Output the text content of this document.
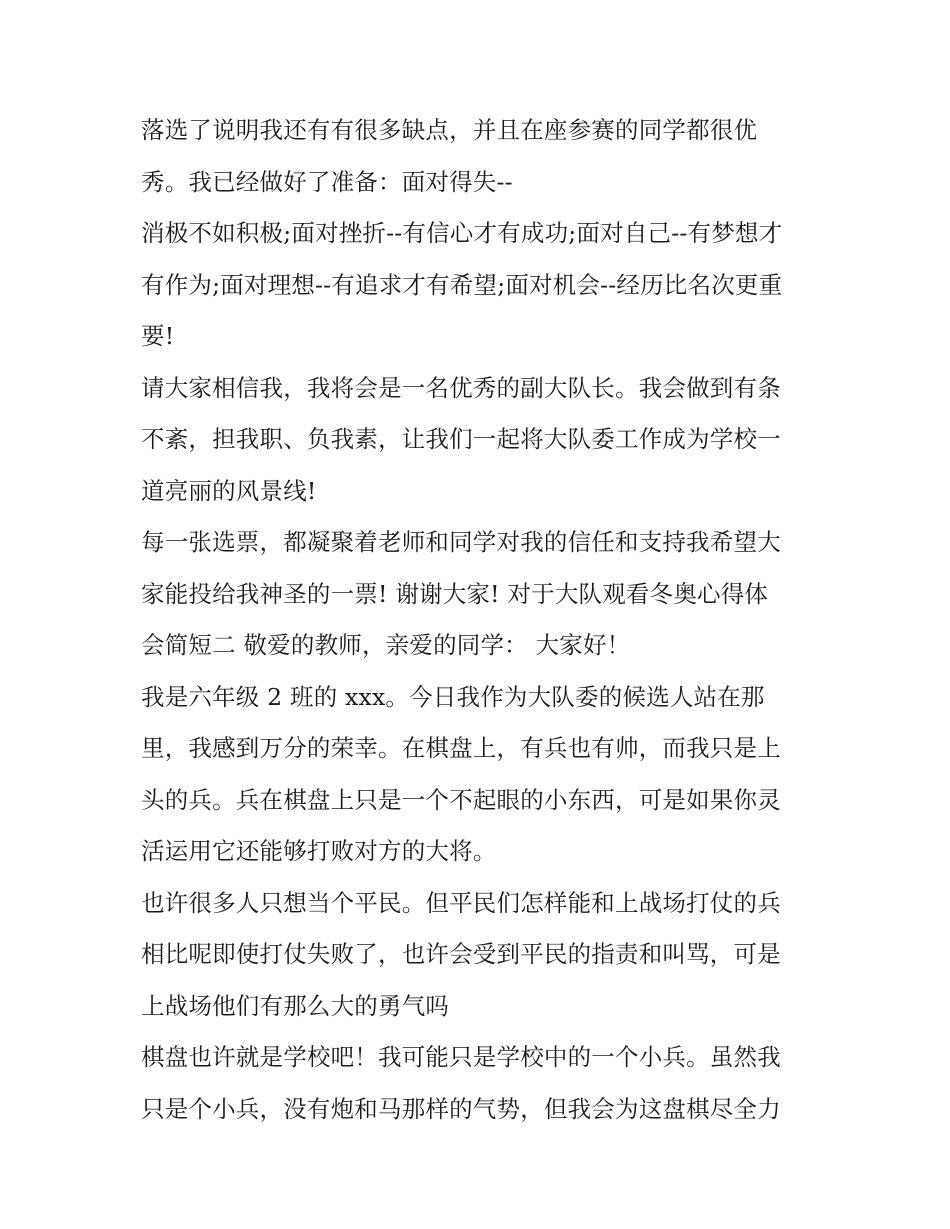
落选了说明我还有有很多缺点，并且在座参赛的同学都很优
秀。我已经做好了准备：面对得失--
消极不如积极;面对挫折--有信心才有成功;面对自己--有梦想才
有作为;面对理想--有追求才有希望;面对机会--经历比名次更重
要!
请大家相信我，我将会是一名优秀的副大队长。我会做到有条
不紊，担我职、负我素，让我们一起将大队委工作成为学校一
道亮丽的风景线!
每一张选票，都凝聚着老师和同学对我的信任和支持我希望大
家能投给我神圣的一票! 谢谢大家! 对于大队观看冬奥心得体
会简短二 敬爱的教师，亲爱的同学： 大家好！
我是六年级 2 班的 xxx。今日我作为大队委的候选人站在那
里，我感到万分的荣幸。在棋盘上，有兵也有帅，而我只是上
头的兵。兵在棋盘上只是一个不起眼的小东西，可是如果你灵
活运用它还能够打败对方的大将。
也许很多人只想当个平民。但平民们怎样能和上战场打仗的兵
相比呢即使打仗失败了，也许会受到平民的指责和叫骂，可是
上战场他们有那么大的勇气吗
棋盘也许就是学校吧！我可能只是学校中的一个小兵。虽然我
只是个小兵，没有炮和马那样的气势，但我会为这盘棋尽全力
